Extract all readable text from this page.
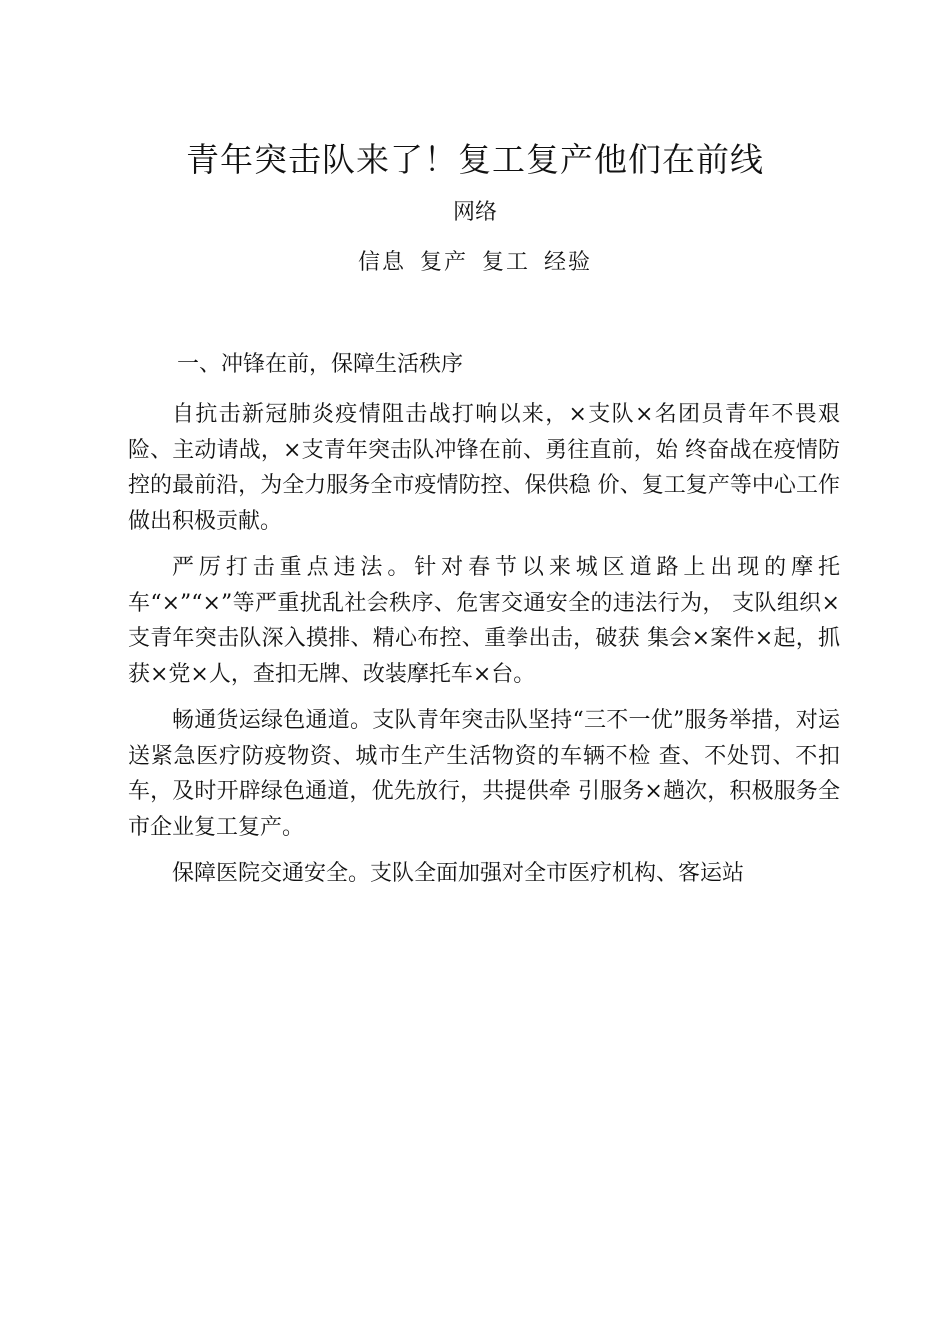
青年突击队来了！复工复产他们在前线
网络
信息 复产 复工 经验
一、冲锋在前，保障生活秩序

自抗击新冠肺炎疫情阻击战打响以来，×支队×名团员青年不畏艰险、主动请战，×支青年突击队冲锋在前、勇往直前，始 终奋战在疫情防控的最前沿，为全力服务全市疫情防控、保供稳 价、复工复产等中心工作做出积极贡献。

严厉打击重点违法。针对春节以来城区道路上出现的摩托车“×”“×”等严重扰乱社会秩序、危害交通安全的违法行为， 支队组织×支青年突击队深入摸排、精心布控、重拳出击，破获 集会×案件×起，抓获×党×人，查扣无牌、改装摩托车×台。

畅通货运绿色通道。支队青年突击队坚持“三不一优”服务举措，对运送紧急医疗防疫物资、城市生产生活物资的车辆不检 查、不处罚、不扣车，及时开辟绿色通道，优先放行，共提供牵 引服务×趟次，积极服务全市企业复工复产。

保障医院交通安全。支队全面加强对全市医疗机构、客运站
